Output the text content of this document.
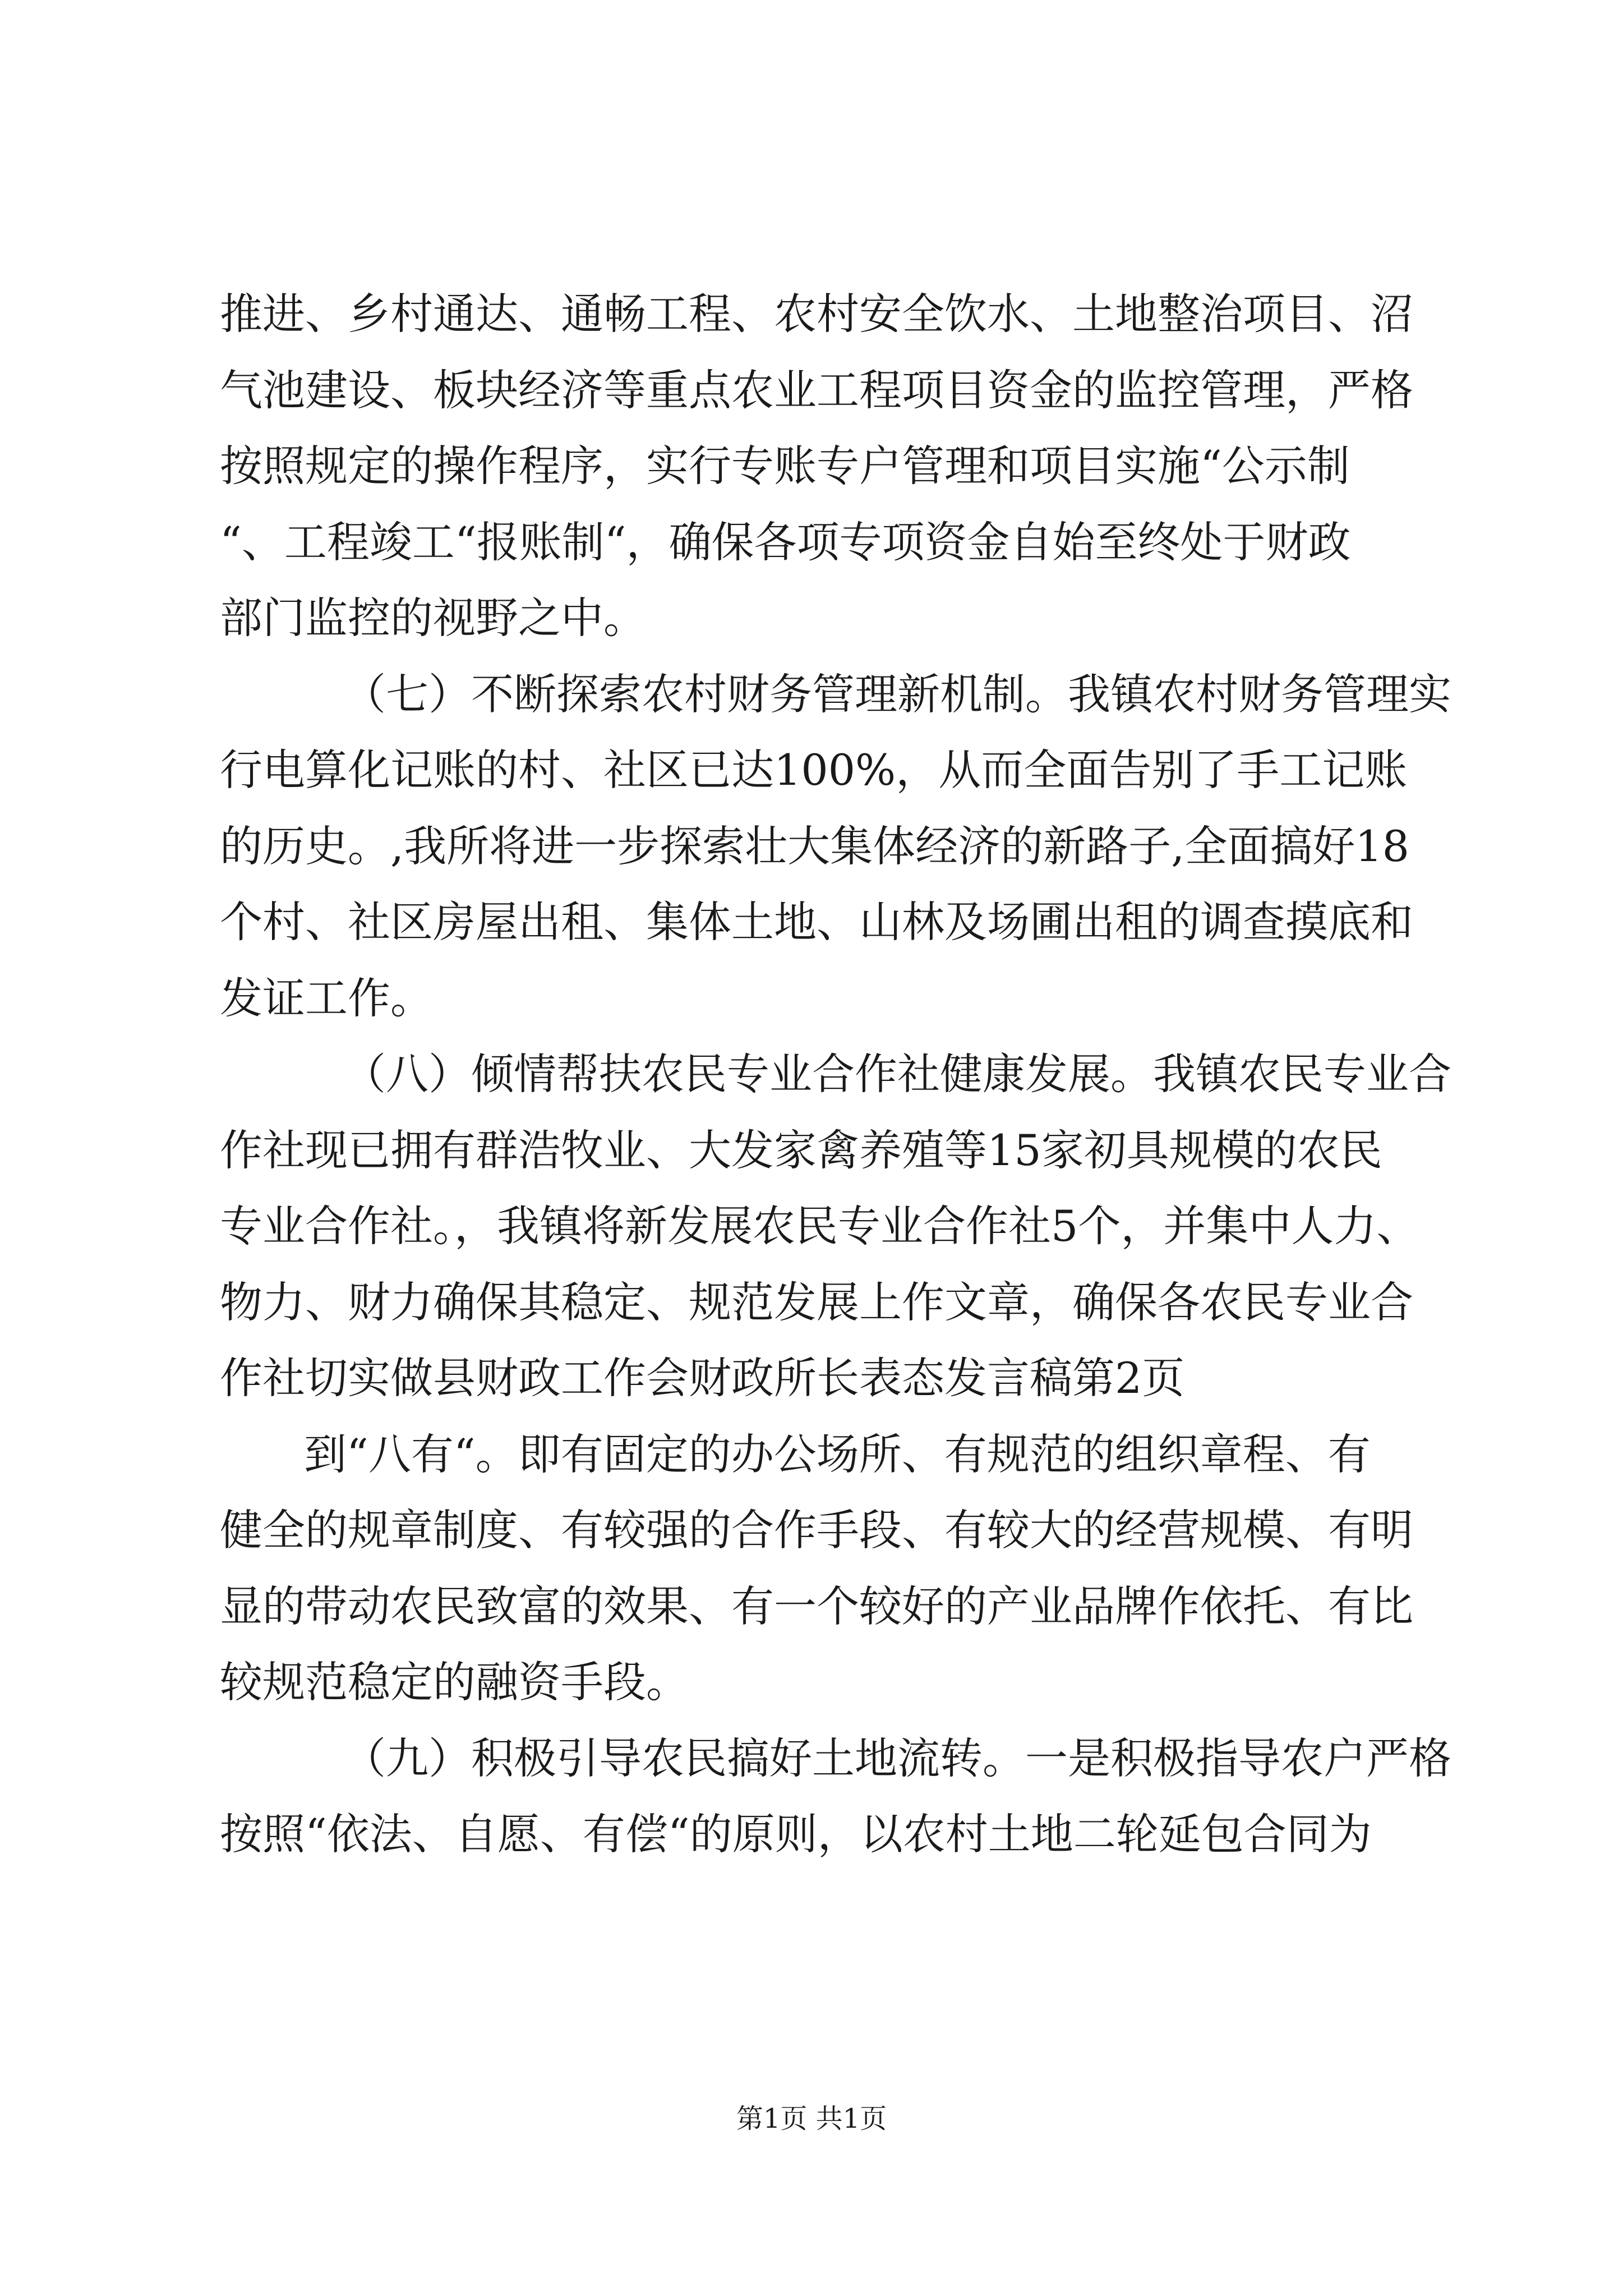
推进、乡村通达、通畅工程、农村安全饮水、土地整治项目、沼
气池建设、板块经济等重点农业工程项目资金的监控管理，严格
按照规定的操作程序，实行专账专户管理和项目实施“公示制
“、工程竣工“报账制“，确保各项专项资金自始至终处于财政
部门监控的视野之中。
（七）不断探索农村财务管理新机制。我镇农村财务管理实
行电算化记账的村、社区已达100%，从而全面告别了手工记账
的历史。,我所将进一步探索壮大集体经济的新路子,全面搞好18
个村、社区房屋出租、集体土地、山林及场圃出租的调查摸底和
发证工作。
（八）倾情帮扶农民专业合作社健康发展。我镇农民专业合
作社现已拥有群浩牧业、大发家禽养殖等15家初具规模的农民
专业合作社。，我镇将新发展农民专业合作社5个，并集中人力、
物力、财力确保其稳定、规范发展上作文章，确保各农民专业合
作社切实做县财政工作会财政所长表态发言稿第2页
到“八有“。即有固定的办公场所、有规范的组织章程、有
健全的规章制度、有较强的合作手段、有较大的经营规模、有明
显的带动农民致富的效果、有一个较好的产业品牌作依托、有比
较规范稳定的融资手段。
（九）积极引导农民搞好土地流转。一是积极指导农户严格
按照“依法、自愿、有偿“的原则，以农村土地二轮延包合同为
第1页 共1页
